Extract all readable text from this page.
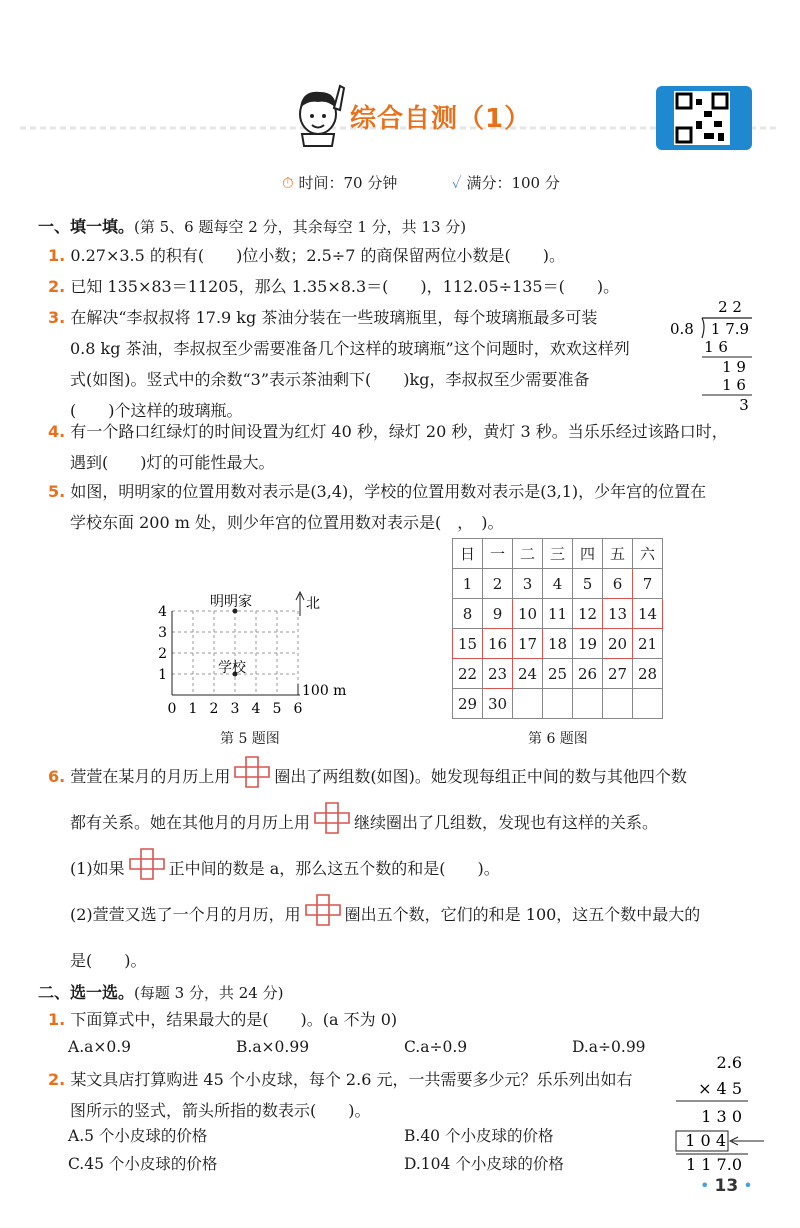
综合自测（1）
⏱ 时间：70 分钟	✓ 满分：100 分
一、填一填。(第 5、6 题每空 2 分，其余每空 1 分，共 13 分)
1. 0.27×3.5 的积有(　　)位小数；2.5÷7 的商保留两位小数是(　　)。
2. 已知 135×83＝11205，那么 1.35×8.3＝(　　)，112.05÷135＝(　　)。
3. 在解决“李叔叔将 17.9 kg 茶油分装在一些玻璃瓶里，每个玻璃瓶最多可装
0.8 kg 茶油，李叔叔至少需要准备几个这样的玻璃瓶”这个问题时，欢欢这样列
式(如图)。竖式中的余数“3”表示茶油剩下(　　)kg，李叔叔至少需要准备
(　　)个这样的玻璃瓶。
2 2
0.8 1 7.9
1 6
1 9
1 6
3
4. 有一个路口红绿灯的时间设置为红灯 40 秒，绿灯 20 秒，黄灯 3 秒。当乐乐经过该路口时，
遇到(　　)灯的可能性最大。
5. 如图，明明家的位置用数对表示是(3,4)，学校的位置用数对表示是(3,1)，少年宫的位置在
学校东面 200 m 处，则少年宫的位置用数对表示是(　，　)。
北
明明家
学校
100 m
0 1 2 3 4 5 6
1
2
3
4
第 5 题图
日	一	二	三	四	五	六
1	2	3	4	5	6	7
8	9	10	11	12	13	14
15	16	17	18	19	20	21
22	23	24	25	26	27	28
29	30					
第 6 题图
6. 萱萱在某月的月历上用	圈出了两组数(如图)。她发现每组正中间的数与其他四个数
都有关系。她在其他月的月历上用	继续圈出了几组数，发现也有这样的关系。
(1)如果	正中间的数是 a，那么这五个数的和是(　　)。
(2)萱萱又选了一个月的月历，用	圈出五个数，它们的和是 100，这五个数中最大的
是(　　)。
二、选一选。(每题 3 分，共 24 分)
1. 下面算式中，结果最大的是(　　)。(a 不为 0)
A.a×0.9	B.a×0.99	C.a÷0.9	D.a÷0.99
2. 某文具店打算购进 45 个小皮球，每个 2.6 元，一共需要多少元？乐乐列出如右
图所示的竖式，箭头所指的数表示(　　)。
A.5 个小皮球的价格	B.40 个小皮球的价格
C.45 个小皮球的价格	D.104 个小皮球的价格
2.6
× 4 5
1 3 0
1 0 4
1 1 7.0
• 13 •
